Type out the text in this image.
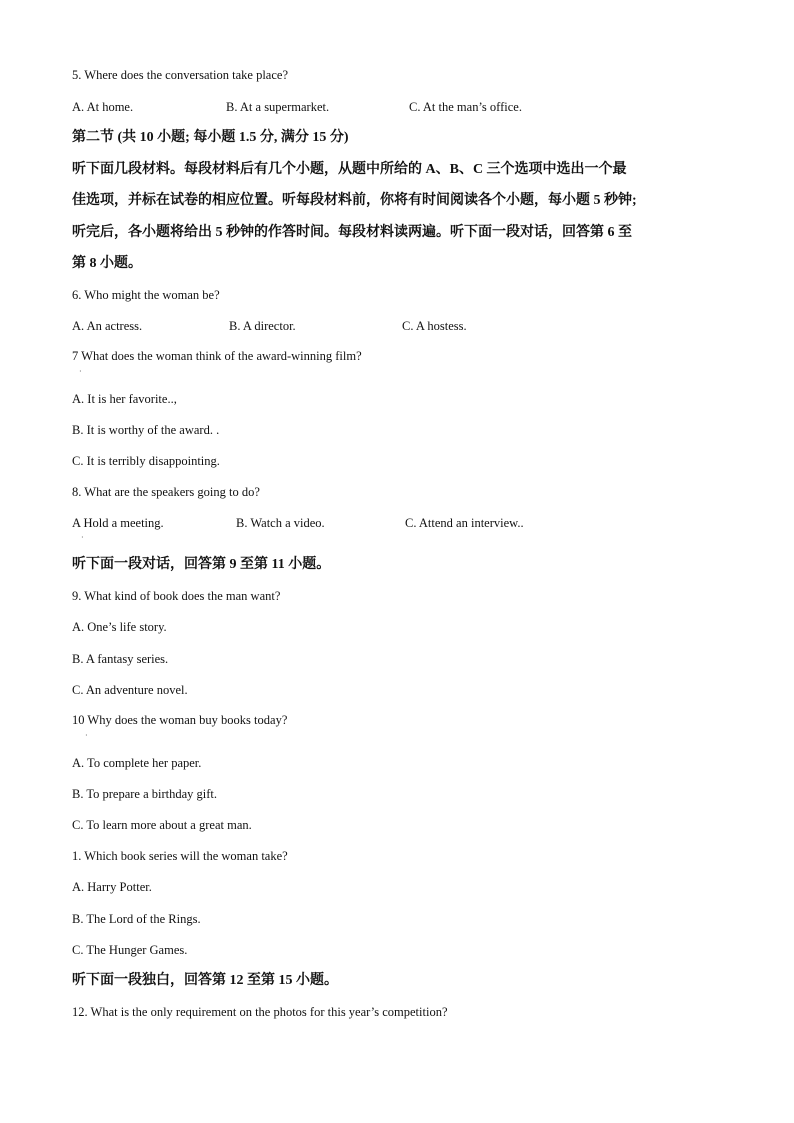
5. Where does the conversation take place?
A. At home.	B. At a supermarket.	C. At the man’s office.
第二节 (共 10 小题; 每小题 1.5 分, 满分 15 分)
听下面几段材料。每段材料后有几个小题，从题中所给的 A、B、C 三个选项中选出一个最
佳选项，并标在试卷的相应位置。听每段材料前，你将有时间阅读各个小题，每小题 5 秒钟;
听完后，各小题将给出 5 秒钟的作答时间。每段材料读两遍。听下面一段对话，回答第 6 至
第 8 小题。
6. Who might the woman be?
A. An actress.	B. A director.	C. A hostess.
7 What does the woman think of the award-winning film?
·
A. It is her favorite..,
B. It is worthy of the award. .
C. It is terribly disappointing.
8. What are the speakers going to do?
A Hold a meeting.	B. Watch a video.	C. Attend an interview..
·
听下面一段对话，回答第 9 至第 11 小题。
9. What kind of book does the man want?
A. One’s life story.
B. A fantasy series.
C. An adventure novel.
10 Why does the woman buy books today?
·
A. To complete her paper.
B. To prepare a birthday gift.
C. To learn more about a great man.
1. Which book series will the woman take?
A. Harry Potter.
B. The Lord of the Rings.
C. The Hunger Games.
听下面一段独白，回答第 12 至第 15 小题。
12. What is the only requirement on the photos for this year’s competition?
